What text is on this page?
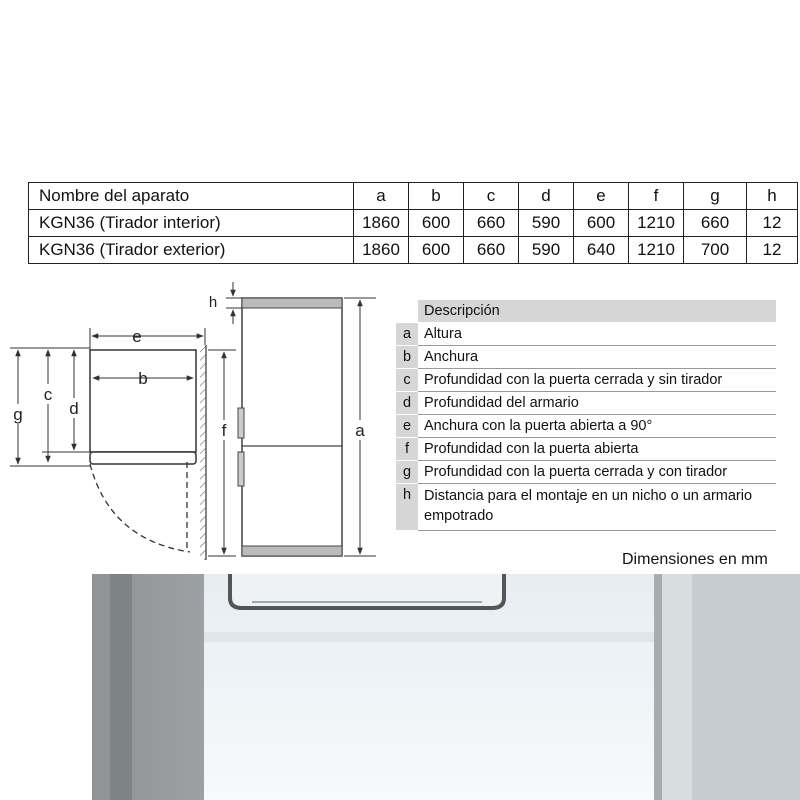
Nombre del aparato	a	b	c	d	e	f	g	h
KGN36 (Tirador interior)	1860	600	660	590	600	1210	660	12
KGN36 (Tirador exterior)	1860	600	660	590	640	1210	700	12
e
b
g
c
d
f
h
a
	Descripción
a	Altura
b	Anchura
c	Profundidad con la puerta cerrada y sin tirador
d	Profundidad del armario
e	Anchura con la puerta abierta a 90°
f	Profundidad con la puerta abierta
g	Profundidad con la puerta cerrada y con tirador
h	Distancia para el montaje en un nicho o un armario empotrado
Dimensiones en mm
